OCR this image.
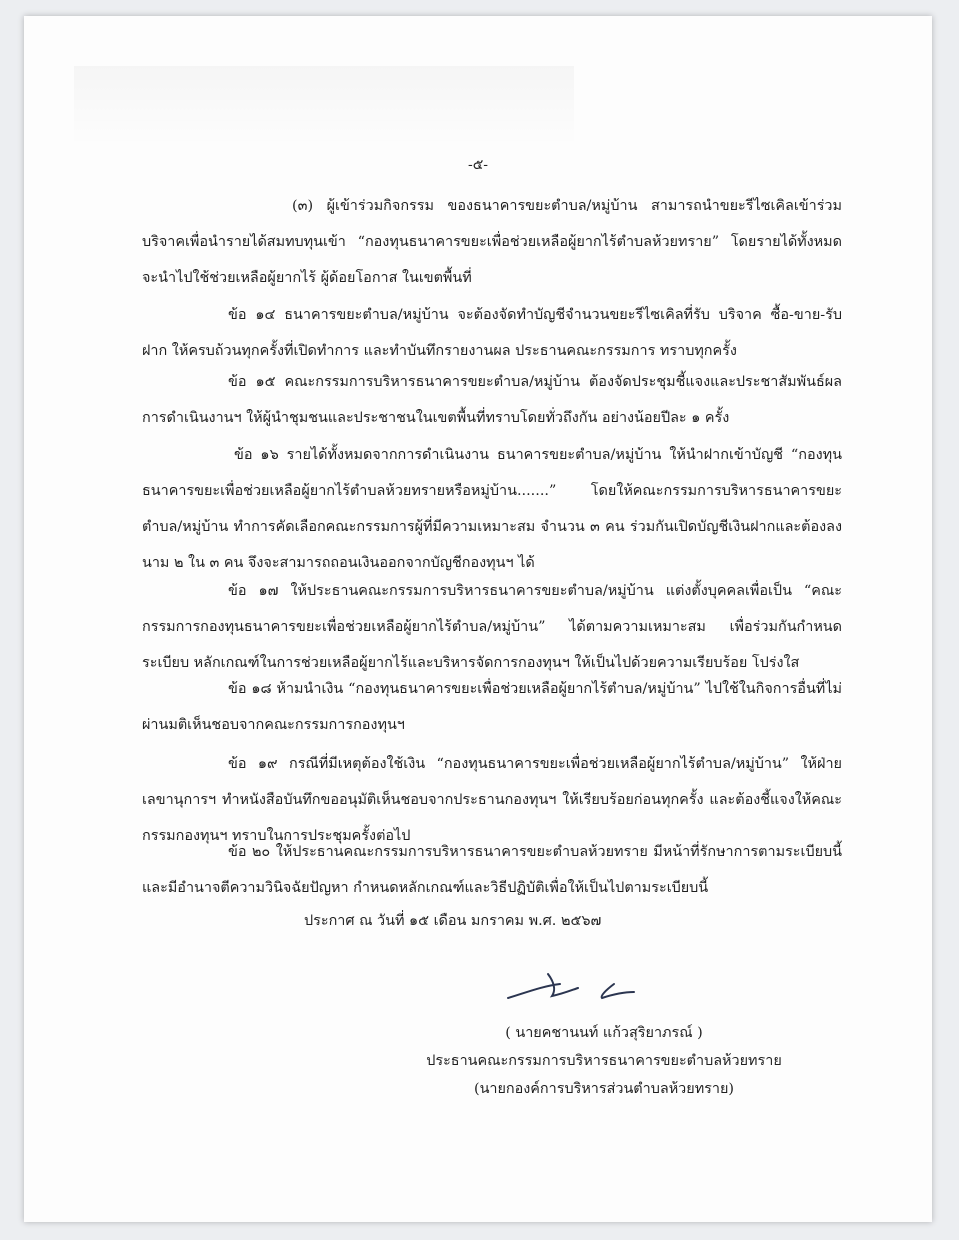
-๕-

(๓) ผู้เข้าร่วมกิจกรรม ของธนาคารขยะตำบล/หมู่บ้าน สามารถนำขยะรีไซเคิลเข้าร่วมบริจาคเพื่อนำรายได้สมทบทุนเข้า “กองทุนธนาคารขยะเพื่อช่วยเหลือผู้ยากไร้ตำบลห้วยทราย” โดยรายได้ทั้งหมดจะนำไปใช้ช่วยเหลือผู้ยากไร้ ผู้ด้อยโอกาส ในเขตพื้นที่

ข้อ ๑๔ ธนาคารขยะตำบล/หมู่บ้าน จะต้องจัดทำบัญชีจำนวนขยะรีไซเคิลที่รับ บริจาค ซื้อ-ขาย-รับฝาก ให้ครบถ้วนทุกครั้งที่เปิดทำการ และทำบันทึกรายงานผล ประธานคณะกรรมการ ทราบทุกครั้ง

ข้อ ๑๕ คณะกรรมการบริหารธนาคารขยะตำบล/หมู่บ้าน ต้องจัดประชุมชี้แจงและประชาสัมพันธ์ผลการดำเนินงานฯ ให้ผู้นำชุมชนและประชาชนในเขตพื้นที่ทราบโดยทั่วถึงกัน อย่างน้อยปีละ ๑ ครั้ง

ข้อ ๑๖ รายได้ทั้งหมดจากการดำเนินงาน ธนาคารขยะตำบล/หมู่บ้าน ให้นำฝากเข้าบัญชี “กองทุนธนาคารขยะเพื่อช่วยเหลือผู้ยากไร้ตำบลห้วยทรายหรือหมู่บ้าน.......” โดยให้คณะกรรมการบริหารธนาคารขยะตำบล/หมู่บ้าน ทำการคัดเลือกคณะกรรมการผู้ที่มีความเหมาะสม จำนวน ๓ คน ร่วมกันเปิดบัญชีเงินฝากและต้องลงนาม ๒ ใน ๓ คน จึงจะสามารถถอนเงินออกจากบัญชีกองทุนฯ ได้

ข้อ ๑๗ ให้ประธานคณะกรรมการบริหารธนาคารขยะตำบล/หมู่บ้าน แต่งตั้งบุคคลเพื่อเป็น “คณะกรรมการกองทุนธนาคารขยะเพื่อช่วยเหลือผู้ยากไร้ตำบล/หมู่บ้าน” ได้ตามความเหมาะสม เพื่อร่วมกันกำหนดระเบียบ หลักเกณฑ์ในการช่วยเหลือผู้ยากไร้และบริหารจัดการกองทุนฯ ให้เป็นไปด้วยความเรียบร้อย โปร่งใส

ข้อ ๑๘ ห้ามนำเงิน “กองทุนธนาคารขยะเพื่อช่วยเหลือผู้ยากไร้ตำบล/หมู่บ้าน” ไปใช้ในกิจการอื่นที่ไม่ผ่านมติเห็นชอบจากคณะกรรมการกองทุนฯ

ข้อ ๑๙ กรณีที่มีเหตุต้องใช้เงิน “กองทุนธนาคารขยะเพื่อช่วยเหลือผู้ยากไร้ตำบล/หมู่บ้าน” ให้ฝ่ายเลขานุการฯ ทำหนังสือบันทึกขออนุมัติเห็นชอบจากประธานกองทุนฯ ให้เรียบร้อยก่อนทุกครั้ง และต้องชี้แจงให้คณะกรรมกองทุนฯ ทราบในการประชุมครั้งต่อไป

ข้อ ๒๐ ให้ประธานคณะกรรมการบริหารธนาคารขยะตำบลห้วยทราย มีหน้าที่รักษาการตามระเบียบนี้และมีอำนาจตีความวินิจฉัยปัญหา กำหนดหลักเกณฑ์และวิธีปฏิบัติเพื่อให้เป็นไปตามระเบียบนี้

ประกาศ ณ วันที่ ๑๕ เดือน มกราคม พ.ศ. ๒๕๖๗
( นายคชานนท์ แก้วสุริยาภรณ์ )
ประธานคณะกรรมการบริหารธนาคารขยะตำบลห้วยทราย
(นายกองค์การบริหารส่วนตำบลห้วยทราย)
